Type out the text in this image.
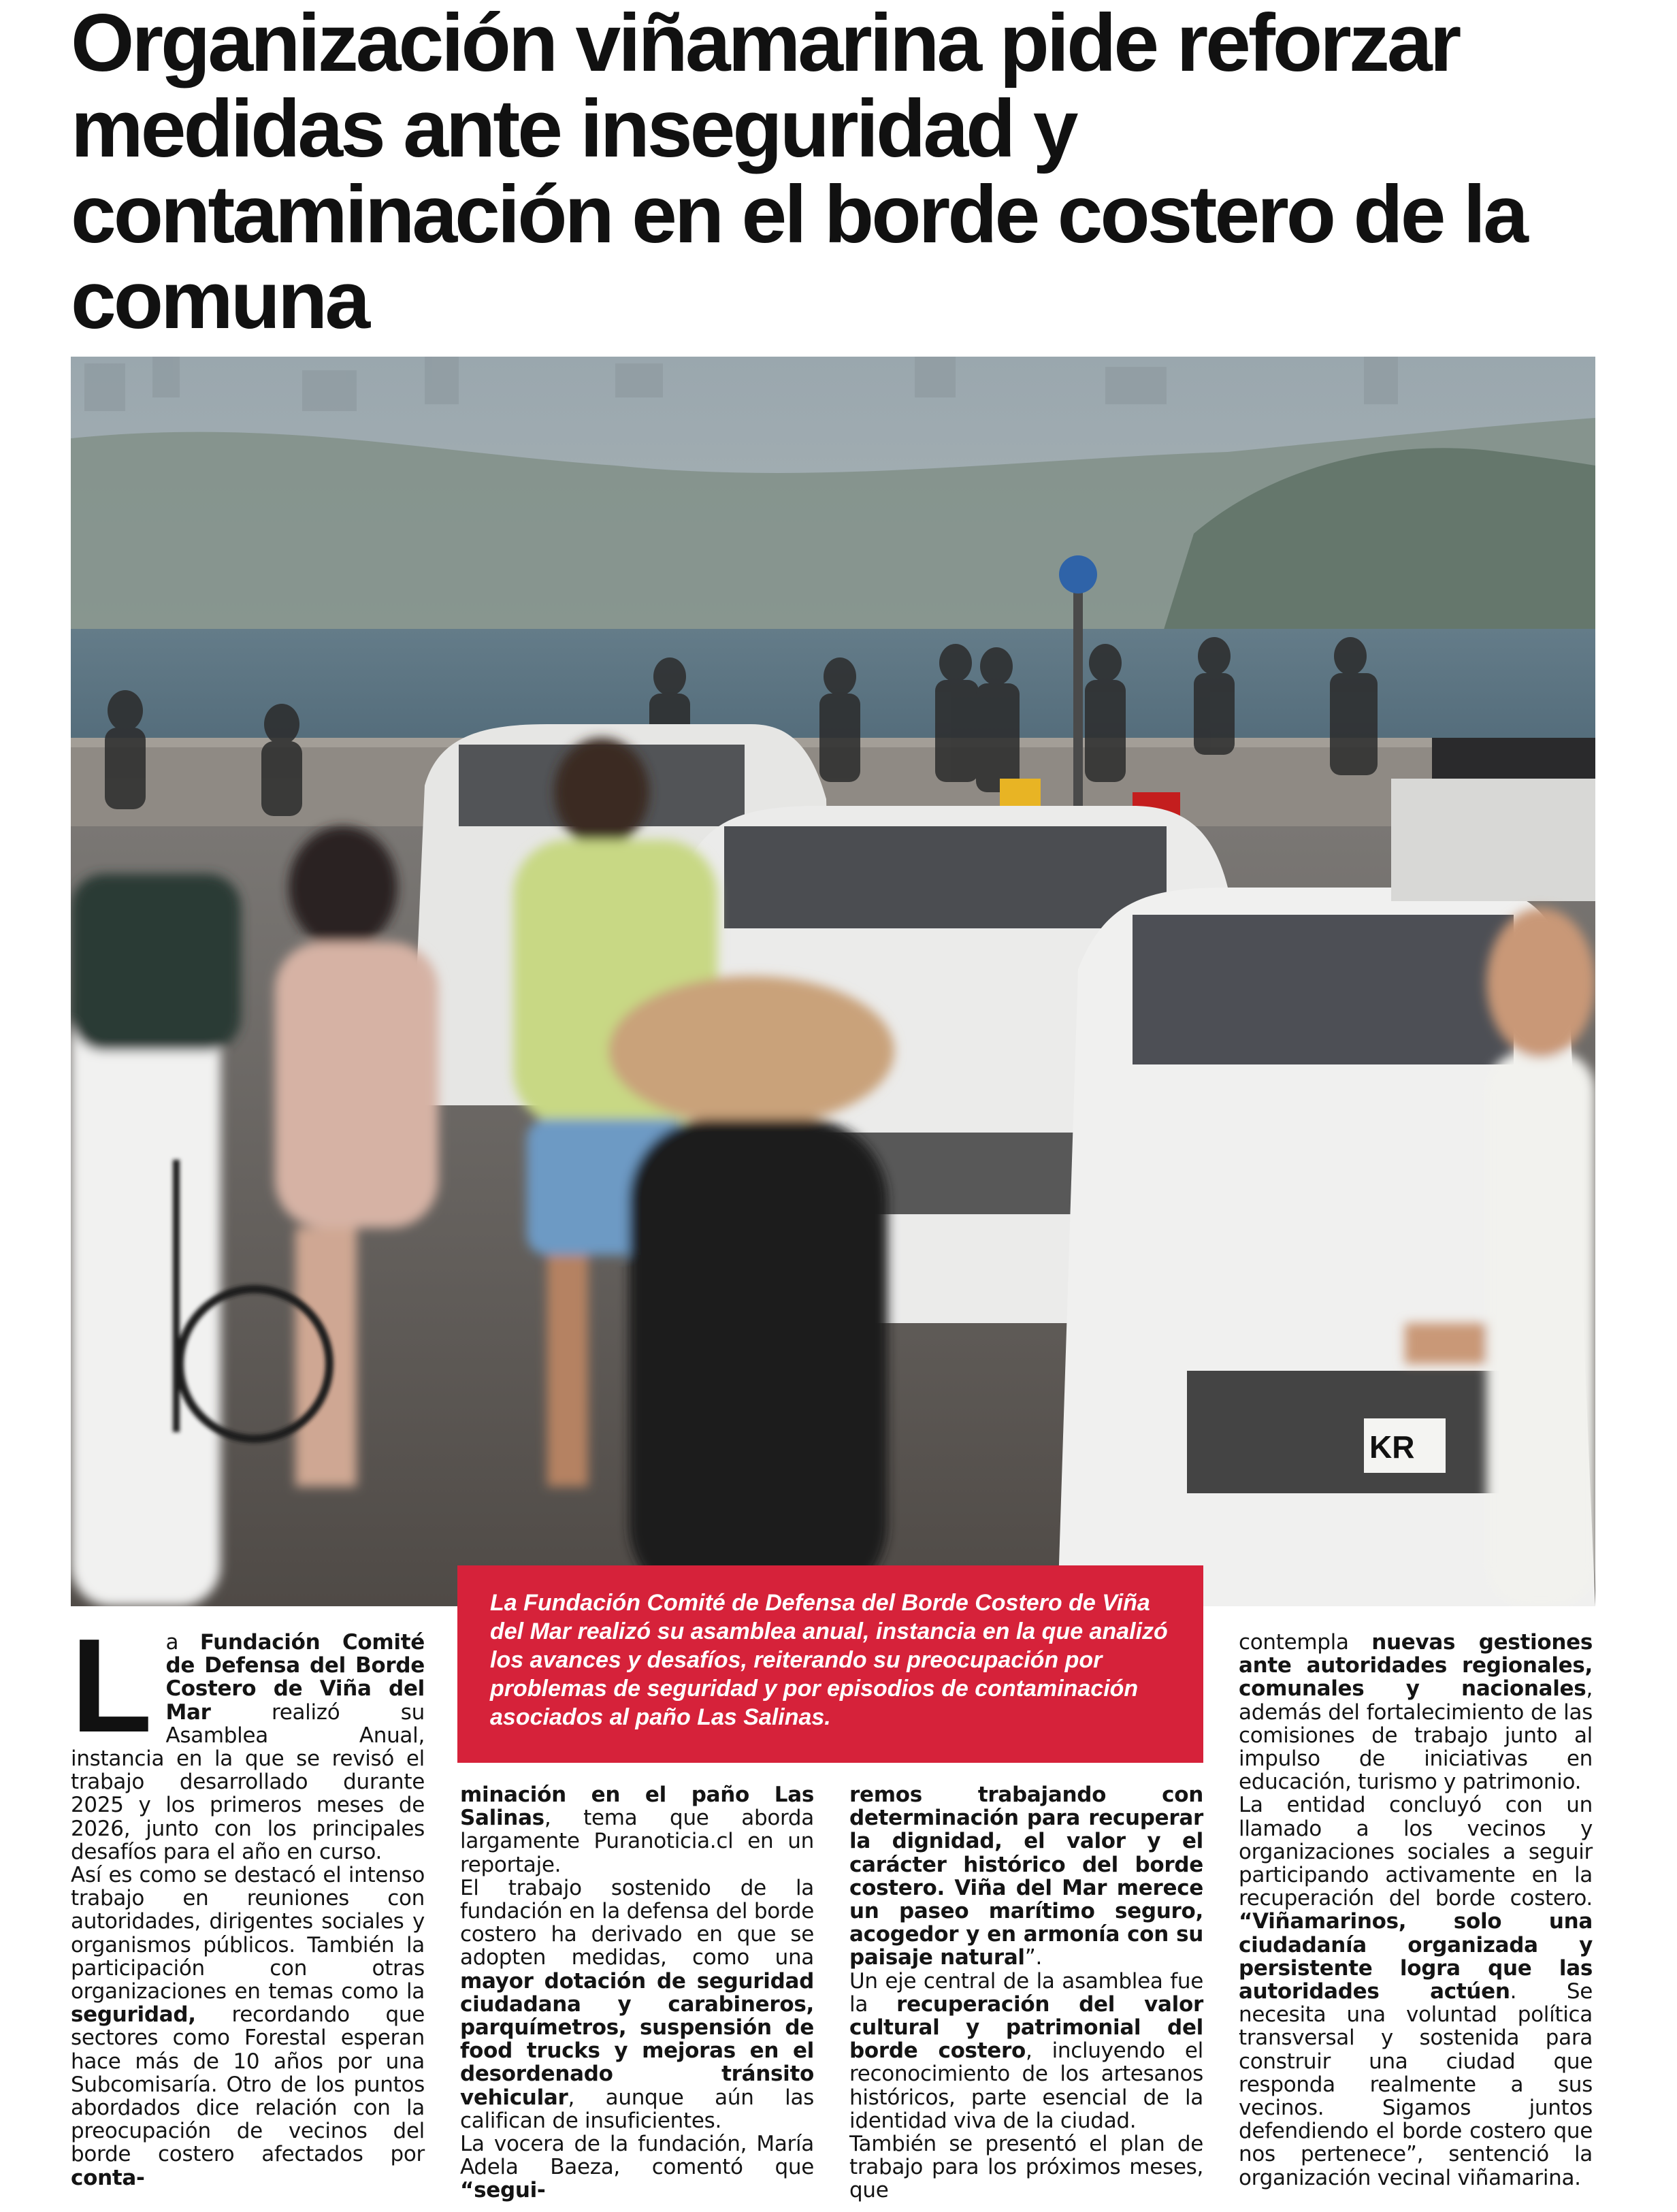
Organización viñamarina pide reforzar medidas ante inseguridad y contaminación en el borde costero de la comuna
KR

La Fundación Comité de Defensa del Borde Costero de Viña del Mar realizó su asamblea anual, instancia en la que analizó los avances y desafíos, reiterando su preocupación por problemas de seguridad y por episodios de contaminación asociados al paño Las Salinas.

L a Fundación Comité de Defensa del Borde Costero de Viña del Mar realizó su Asamblea Anual, instancia en la que se revisó el trabajo desarrollado durante 2025 y los primeros meses de 2026, junto con los principales desafíos para el año en curso.

Así es como se destacó el intenso trabajo en reuniones con autoridades, dirigentes sociales y organismos públicos. También la participación con otras organizaciones en temas como la seguridad, recordando que sectores como Forestal esperan hace más de 10 años por una Subcomisaría. Otro de los puntos abordados dice relación con la preocupación de vecinos del borde costero afectados por conta-

minación en el paño Las Salinas, tema que aborda largamente Puranoticia.cl en un reportaje.

El trabajo sostenido de la fundación en la defensa del borde costero ha derivado en que se adopten medidas, como una mayor dotación de seguridad ciudadana y carabineros, parquímetros, suspensión de food trucks y mejoras en el desordenado tránsito vehicular, aunque aún las califican de insuficientes.

La vocera de la fundación, María Adela Baeza, comentó que “segui-

remos trabajando con determinación para recuperar la dignidad, el valor y el carácter histórico del borde costero. Viña del Mar merece un paseo marítimo seguro, acogedor y en armonía con su paisaje natural”.

Un eje central de la asamblea fue la recuperación del valor cultural y patrimonial del borde costero, incluyendo el reconocimiento de los artesanos históricos, parte esencial de la identidad viva de la ciudad.

También se presentó el plan de trabajo para los próximos meses, que

contempla nuevas gestiones ante autoridades regionales, comunales y nacionales, además del fortalecimiento de las comisiones de trabajo junto al impulso de iniciativas en educación, turismo y patrimonio.

La entidad concluyó con un llamado a los vecinos y organizaciones sociales a seguir participando activamente en la recuperación del borde costero. “Viñamarinos, solo una ciudadanía organizada y persistente logra que las autoridades actúen. Se necesita una voluntad política transversal y sostenida para construir una ciudad que responda realmente a sus vecinos. Sigamos juntos defendiendo el borde costero que nos pertenece”, sentenció la organización vecinal viñamarina.
